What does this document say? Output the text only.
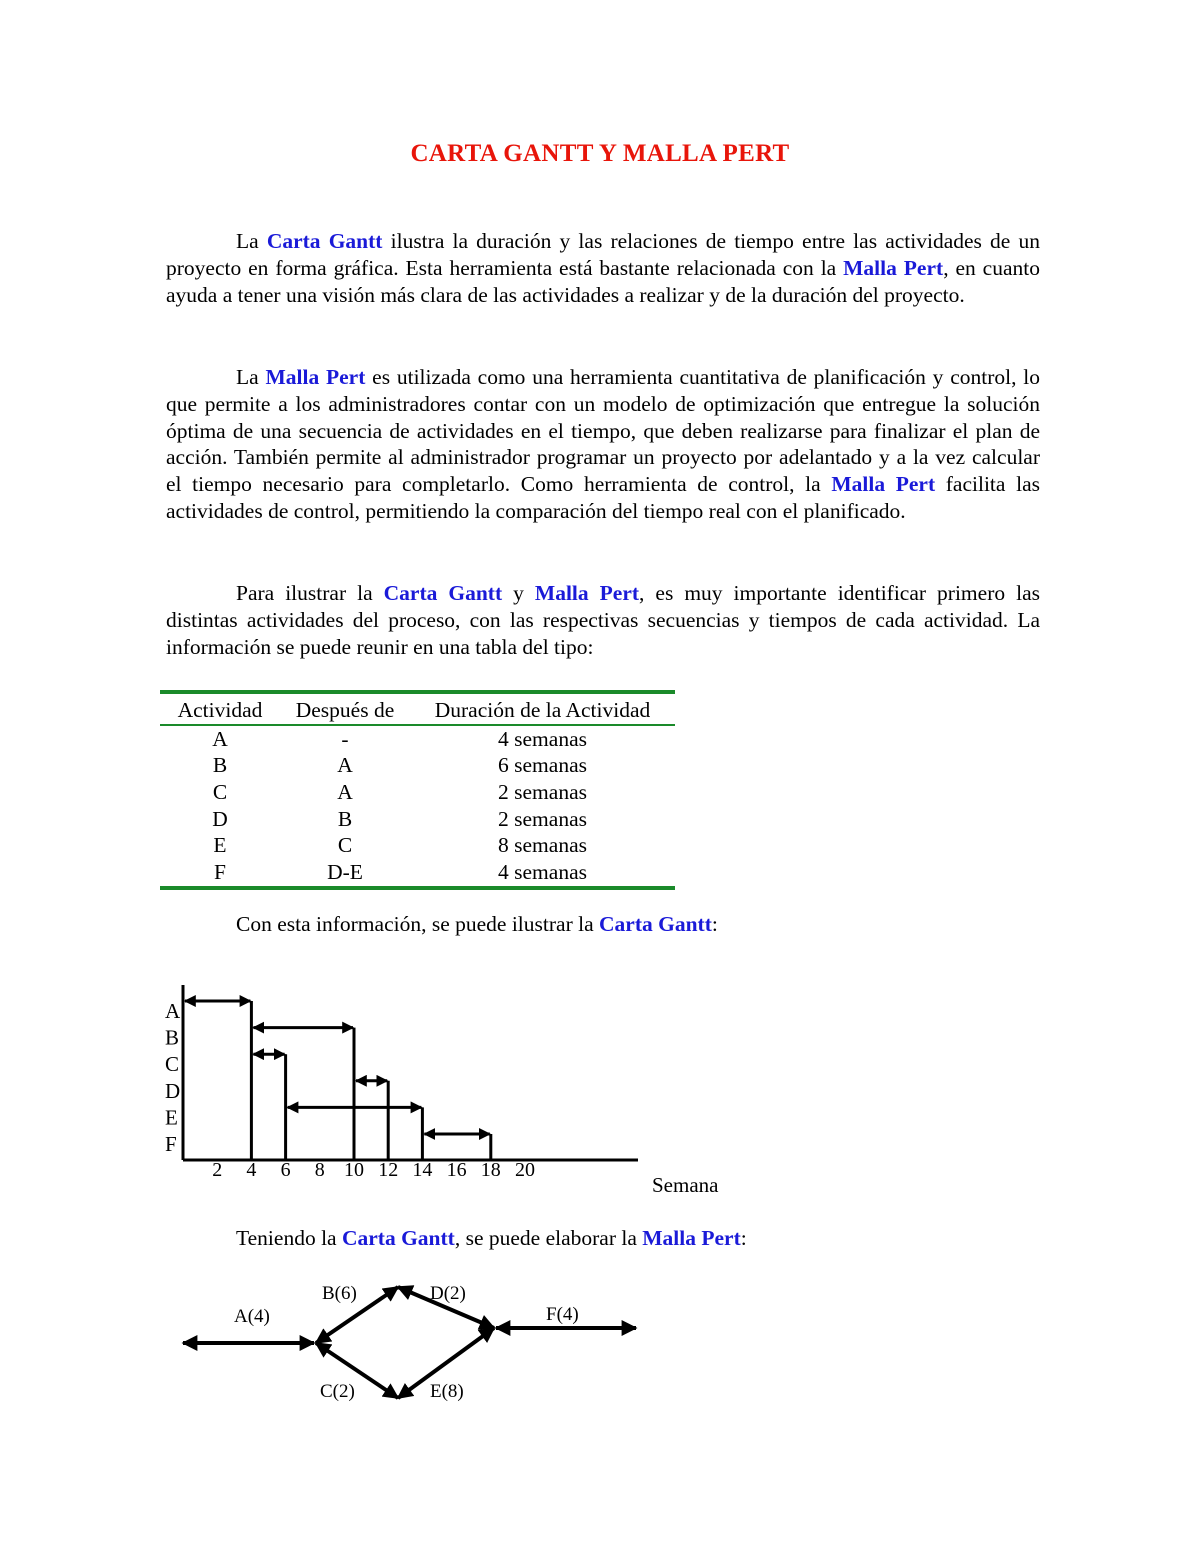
CARTA GANTT Y MALLA PERT

La Carta Gantt ilustra la duración y las relaciones de tiempo entre las actividades de un proyecto en forma gráfica. Esta herramienta está bastante relacionada con la Malla Pert, en cuanto ayuda a tener una visión más clara de las actividades a realizar y de la duración del proyecto.

La Malla Pert es utilizada como una herramienta cuantitativa de planificación y control, lo que permite a los administradores contar con un modelo de optimización que entregue la solución óptima de una secuencia de actividades en el tiempo, que deben realizarse para finalizar el plan de acción. También permite al administrador programar un proyecto por adelantado y a la vez calcular el tiempo necesario para completarlo. Como herramienta de control, la Malla Pert facilita las actividades de control, permitiendo la comparación del tiempo real con el planificado.

Para ilustrar la Carta Gantt y Malla Pert, es muy importante identificar primero las distintas actividades del proceso, con las respectivas secuencias y tiempos de cada actividad. La información se puede reunir en una tabla del tipo:

Actividad	Después de	Duración de la Actividad
A	-	4 semanas
B	A	6 semanas
C	A	2 semanas
D	B	2 semanas
E	C	8 semanas
F	D-E	4 semanas
Con esta información, se puede ilustrar la Carta Gantt:
A
B
C
D
E
F
2 4 6 8 10 12 14 16 18 20
Semana
Teniendo la Carta Gantt, se puede elaborar la Malla Pert:
A(4)
B(6)	D(2)
F(4)
C(2)	E(8)
